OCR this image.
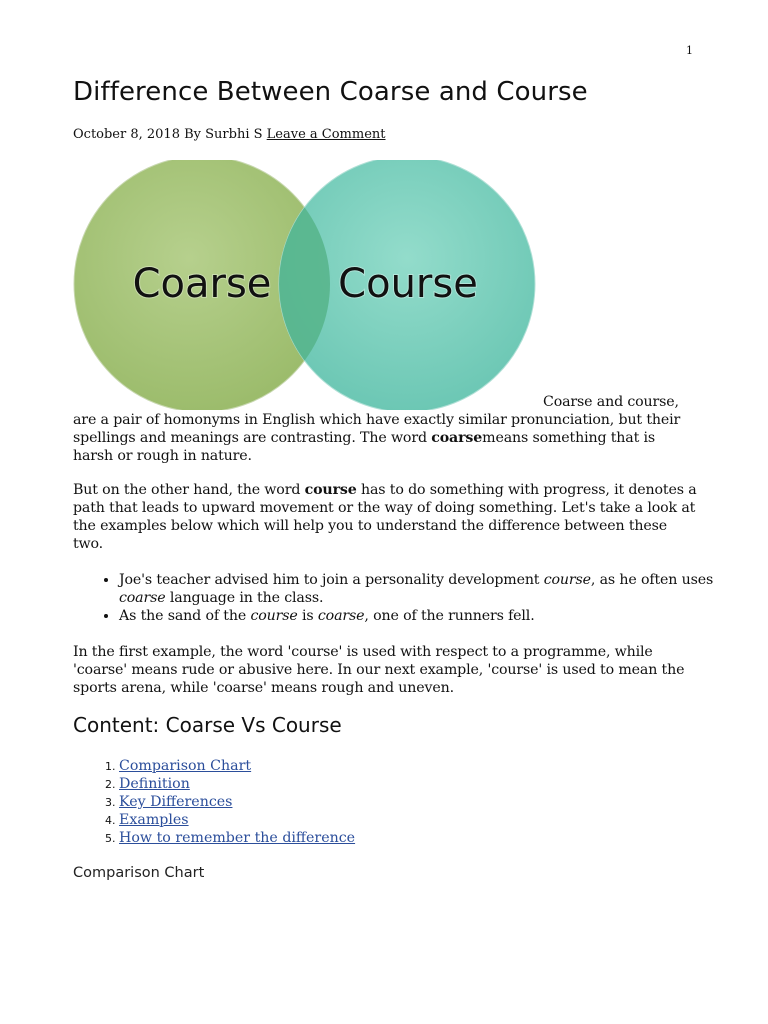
1
Difference Between Coarse and Course
October 8, 2018 By Surbhi S Leave a Comment
Coarse Course
Coarse and course,
are a pair of homonyms in English which have exactly similar pronunciation, but their spellings and meanings are contrasting. The word coarsemeans something that is harsh or rough in nature.
But on the other hand, the word course has to do something with progress, it denotes a path that leads to upward movement or the way of doing something. Let's take a look at the examples below which will help you to understand the difference between these two.
• Joe's teacher advised him to join a personality development course, as he often uses coarse language in the class.
• As the sand of the course is coarse, one of the runners fell.
In the first example, the word 'course' is used with respect to a programme, while 'coarse' means rude or abusive here. In our next example, 'course' is used to mean the sports arena, while 'coarse' means rough and uneven.
Content: Coarse Vs Course
1. Comparison Chart
2. Definition
3. Key Differences
4. Examples
5. How to remember the difference
Comparison Chart
